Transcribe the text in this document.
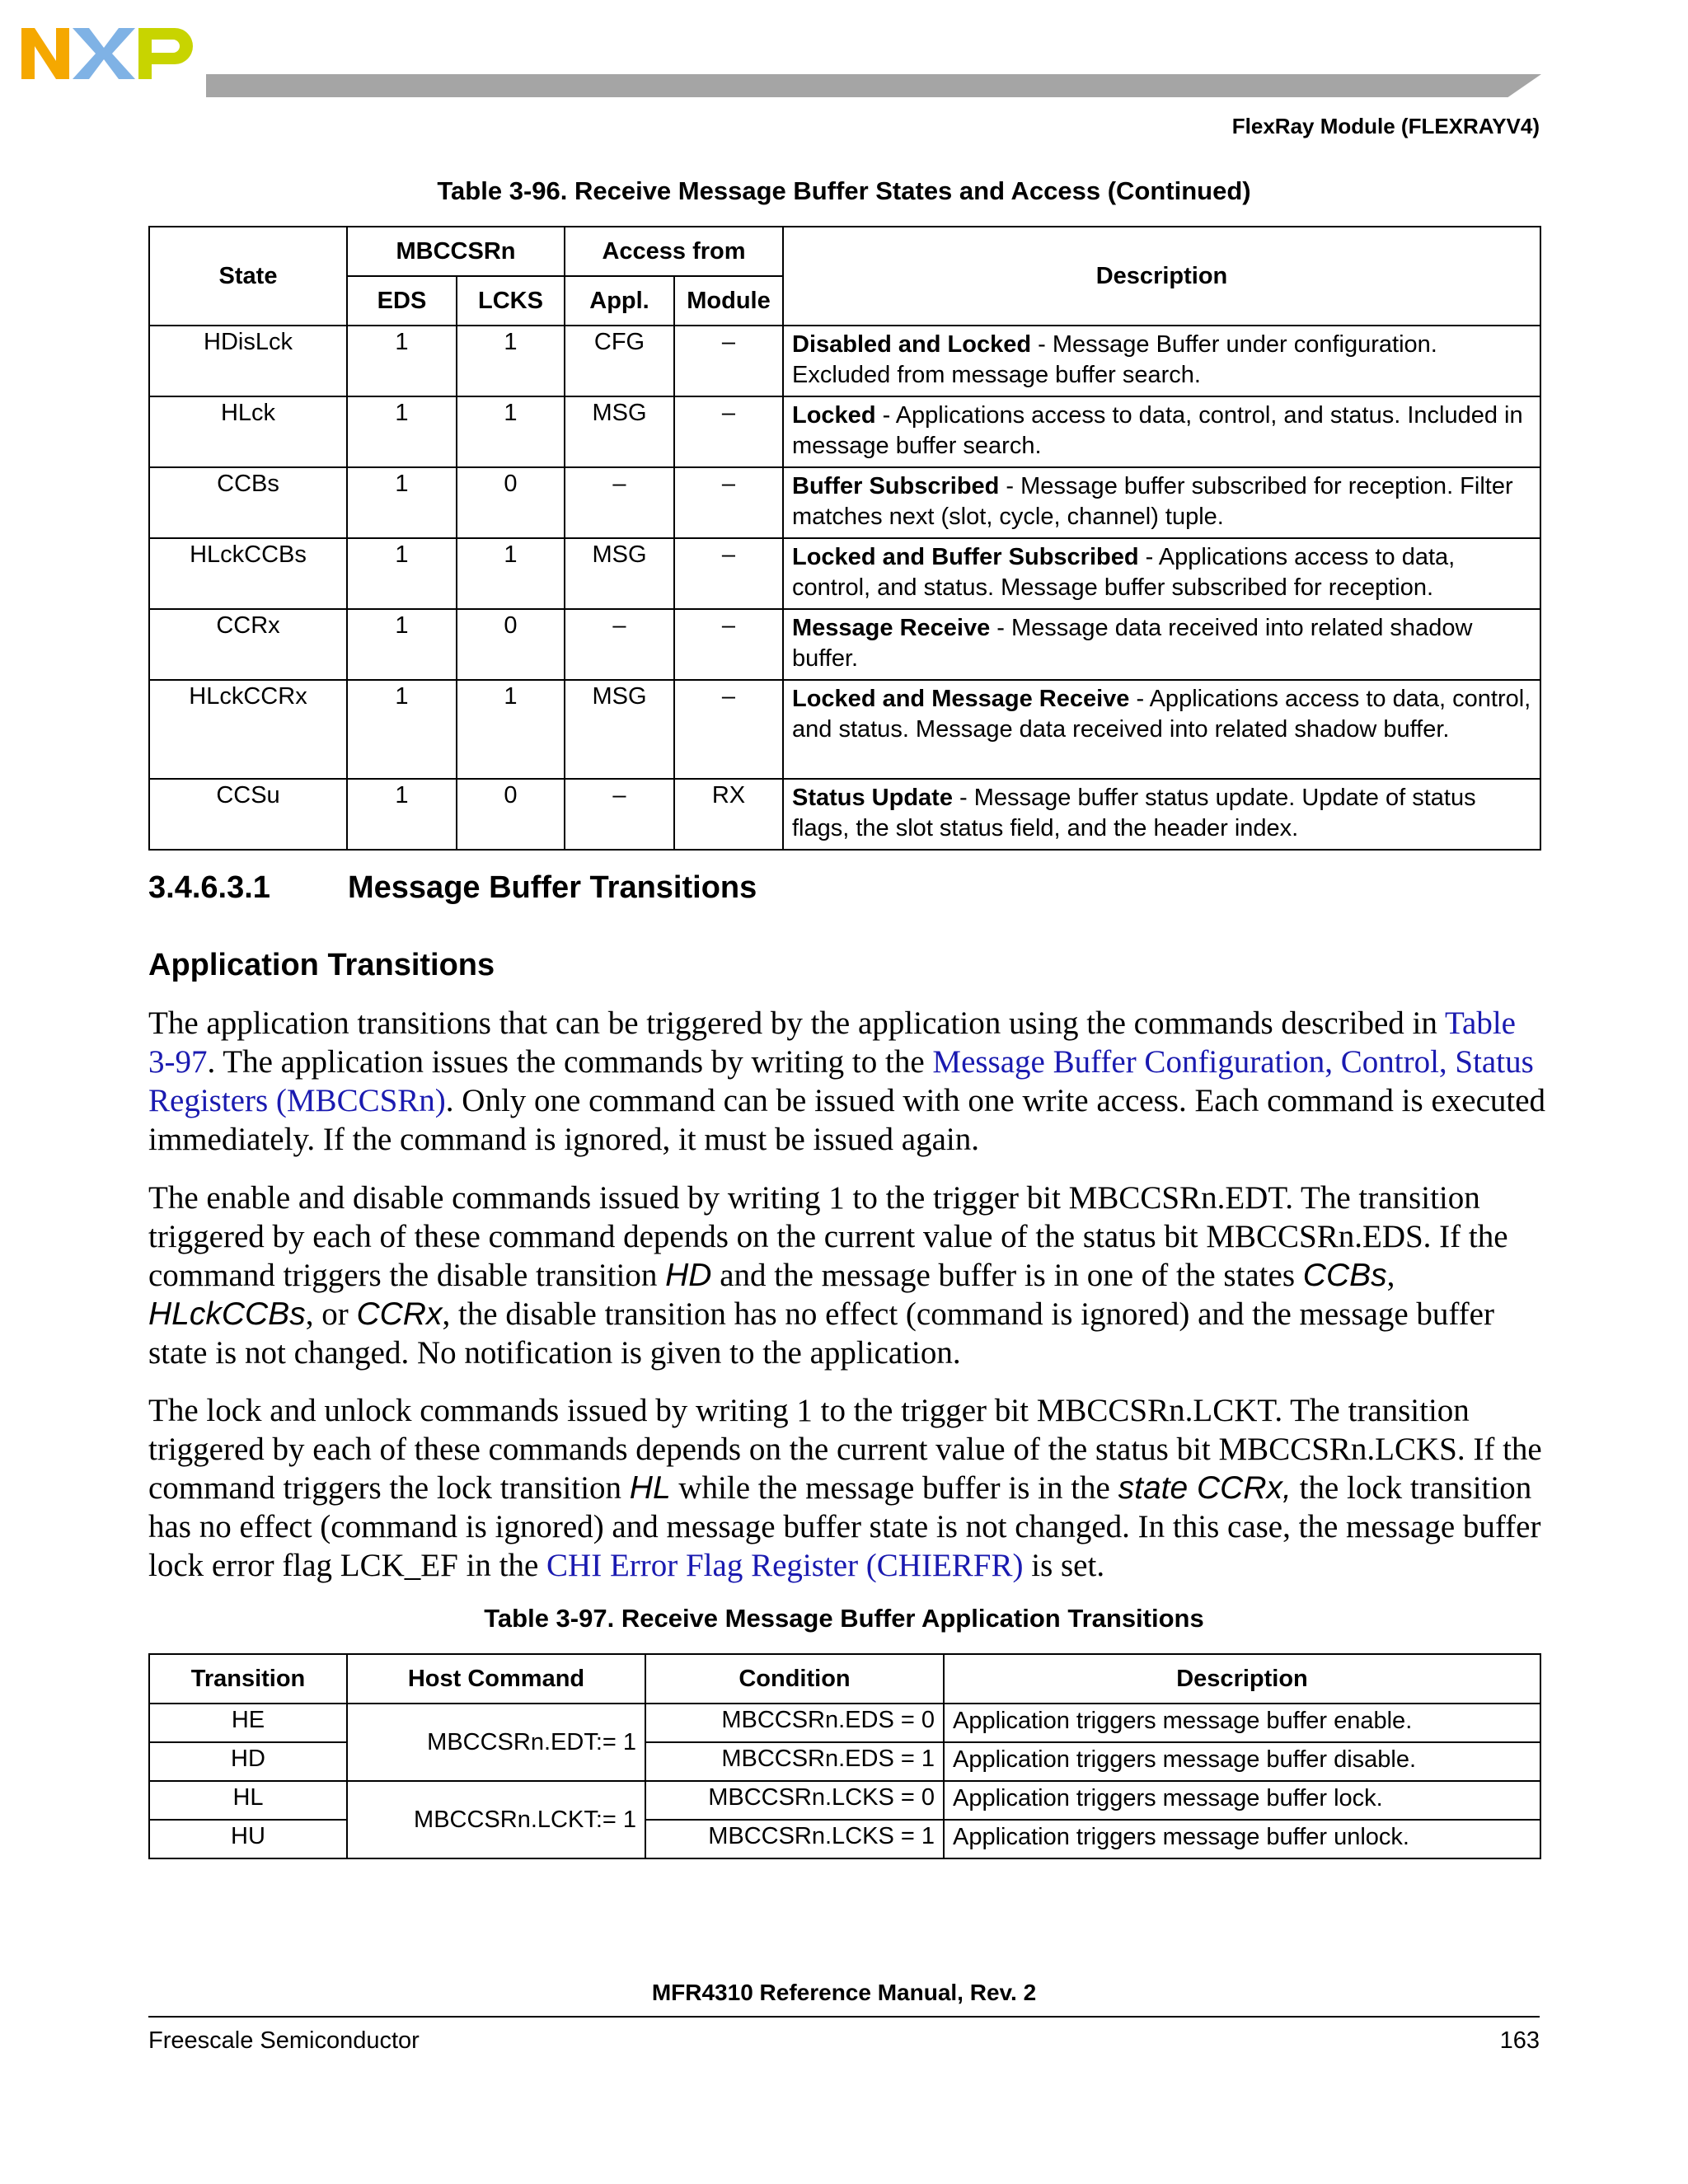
FlexRay Module (FLEXRAYV4)
Table 3-96. Receive Message Buffer States and Access (Continued)
State	MBCCSRn		Access from		Description
	EDS	LCKS	Appl.	Module	
HDisLck	1	1	CFG	–	Disabled and Locked - Message Buffer under configuration. Excluded from message buffer search.
HLck	1	1	MSG	–	Locked - Applications access to data, control, and status. Included in message buffer search.
CCBs	1	0	–	–	Buffer Subscribed - Message buffer subscribed for reception. Filter matches next (slot, cycle, channel) tuple.
HLckCCBs	1	1	MSG	–	Locked and Buffer Subscribed - Applications access to data, control, and status. Message buffer subscribed for reception.
CCRx	1	0	–	–	Message Receive - Message data received into related shadow buffer.
HLckCCRx	1	1	MSG	–	Locked and Message Receive - Applications access to data, control, and status. Message data received into related shadow buffer.
CCSu	1	0	–	RX	Status Update - Message buffer status update. Update of status flags, the slot status field, and the header index.
3.4.6.3.1 Message Buffer Transitions
Application Transitions

The application transitions that can be triggered by the application using the commands described in Table 3-97. The application issues the commands by writing to the Message Buffer Configuration, Control, Status Registers (MBCCSRn). Only one command can be issued with one write access. Each command is executed immediately. If the command is ignored, it must be issued again.

The enable and disable commands issued by writing 1 to the trigger bit MBCCSRn.EDT. The transition triggered by each of these command depends on the current value of the status bit MBCCSRn.EDS. If the command triggers the disable transition HD and the message buffer is in one of the states CCBs, HLckCCBs, or CCRx, the disable transition has no effect (command is ignored) and the message buffer state is not changed. No notification is given to the application.

The lock and unlock commands issued by writing 1 to the trigger bit MBCCSRn.LCKT. The transition triggered by each of these commands depends on the current value of the status bit MBCCSRn.LCKS. If the command triggers the lock transition HL while the message buffer is in the state CCRx, the lock transition has no effect (command is ignored) and message buffer state is not changed. In this case, the message buffer lock error flag LCK_EF in the CHI Error Flag Register (CHIERFR) is set.

Table 3-97. Receive Message Buffer Application Transitions
Transition	Host Command	Condition	Description
HE	MBCCSRn.EDT:= 1	MBCCSRn.EDS = 0	Application triggers message buffer enable.
HD		MBCCSRn.EDS = 1	Application triggers message buffer disable.
HL	MBCCSRn.LCKT:= 1	MBCCSRn.LCKS = 0	Application triggers message buffer lock.
HU		MBCCSRn.LCKS = 1	Application triggers message buffer unlock.
MFR4310 Reference Manual, Rev. 2
Freescale Semiconductor	163
